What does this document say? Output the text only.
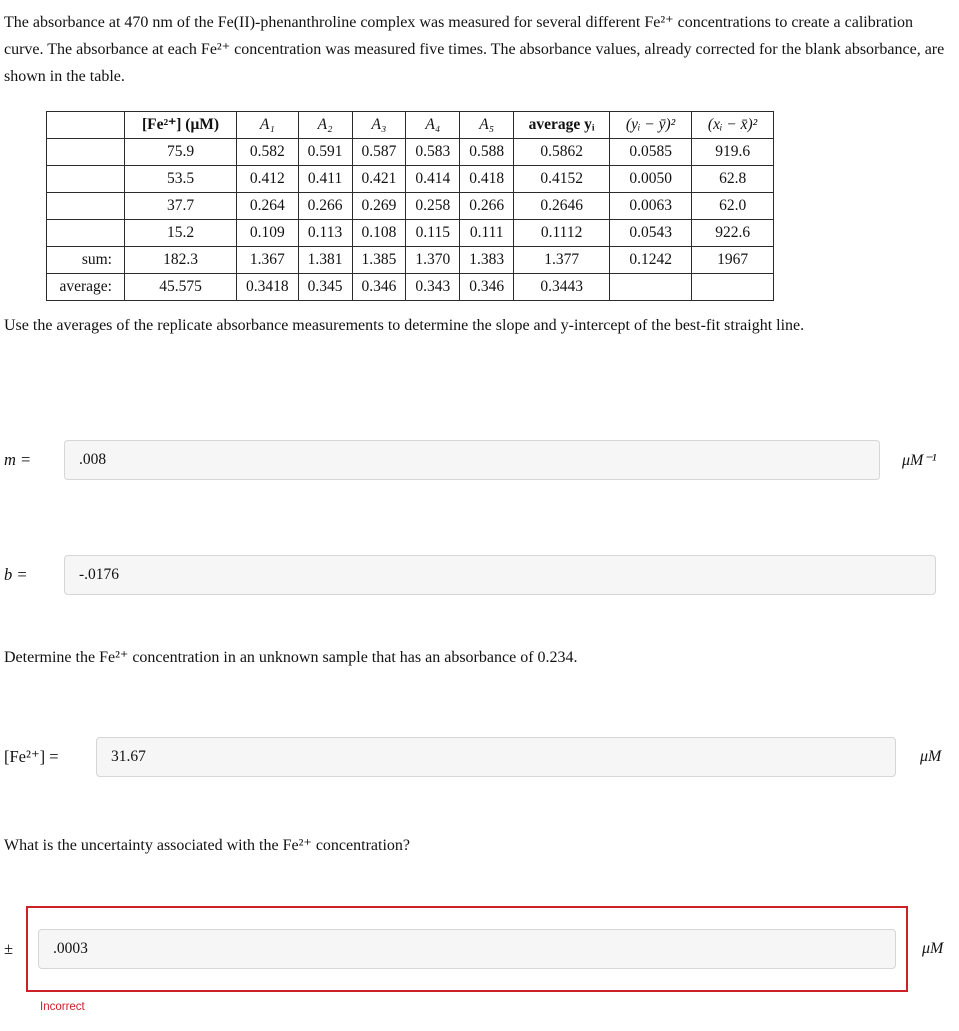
The absorbance at 470 nm of the Fe(II)-phenanthroline complex was measured for several different Fe²⁺ concentrations to create a calibration curve. The absorbance at each Fe²⁺ concentration was measured five times. The absorbance values, already corrected for the blank absorbance, are shown in the table.

	[Fe²⁺] (μM)	A₁	A₂	A₃	A₄	A₅	average yᵢ	(yᵢ − ȳ)²	(xᵢ − x̄)²
	75.9	0.582	0.591	0.587	0.583	0.588	0.5862	0.0585	919.6
	53.5	0.412	0.411	0.421	0.414	0.418	0.4152	0.0050	62.8
	37.7	0.264	0.266	0.269	0.258	0.266	0.2646	0.0063	62.0
	15.2	0.109	0.113	0.108	0.115	0.111	0.1112	0.0543	922.6
sum:	182.3	1.367	1.381	1.385	1.370	1.383	1.377	0.1242	1967
average:	45.575	0.3418	0.345	0.346	0.343	0.346	0.3443		

Use the averages of the replicate absorbance measurements to determine the slope and y-intercept of the best-fit straight line.

m =
.008	μM⁻¹
b =
-.0176

Determine the Fe²⁺ concentration in an unknown sample that has an absorbance of 0.234.

[Fe²⁺] =
31.67	μM

What is the uncertainty associated with the Fe²⁺ concentration?

±
.0003	μM
Incorrect
